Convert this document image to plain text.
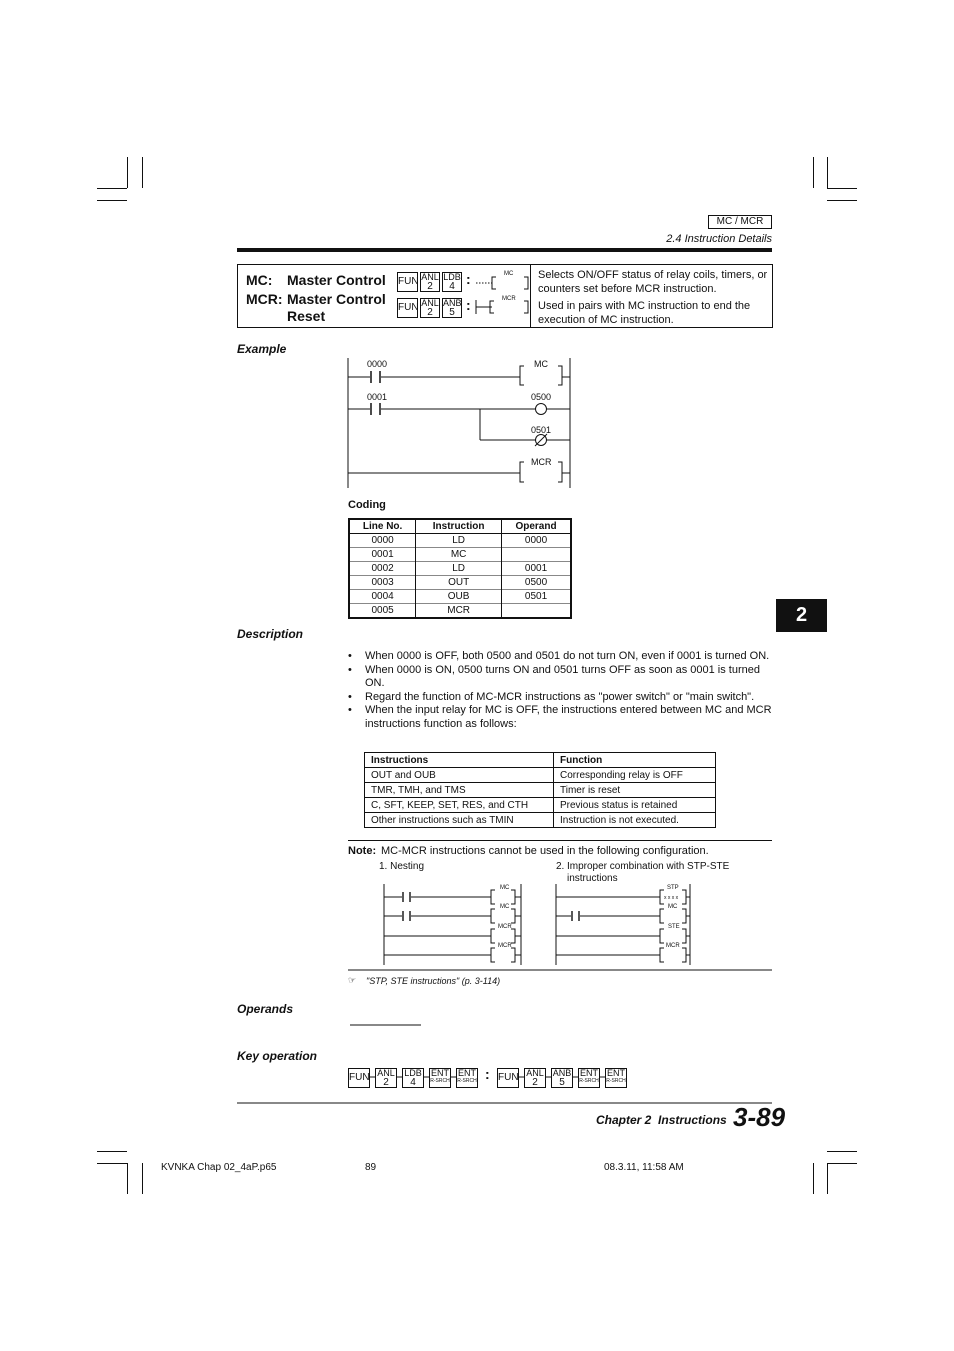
MC / MCR
2.4 Instruction Details
MC: Master Control
MCR: Master Control
Reset
FUN ANL
2
LDB
4 :
FUN ANL
2
ANB
5 :
MC
MCR
Selects ON/OFF status of relay coils, timers, or counters set before MCR instruction.
Used in pairs with MC instruction to end the execution of MC instruction.
Example
0000
0001	0500
0501
MC
MCR
Coding
Line No.	Instruction	Operand
0000	LD	0000
0001	MC	
0002	LD	0001
0003	OUT	0500
0004	OUB	0501
0005	MCR		2
Description
• When 0000 is OFF, both 0500 and 0501 do not turn ON, even if 0001 is turned ON.
• When 0000 is ON, 0500 turns ON and 0501 turns OFF as soon as 0001 is turned ON.
• Regard the function of MC-MCR instructions as "power switch" or "main switch".
• When the input relay for MC is OFF, the instructions entered between MC and MCR instructions function as follows:
Instructions	Function
OUT and OUB	Corresponding relay is OFF
TMR, TMH, and TMS	Timer is reset
C, SFT, KEEP, SET, RES, and CTH	Previous status is retained
Other instructions such as TMIN	Instruction is not executed.
Note: MC-MCR instructions cannot be used in the following configuration.
1. Nesting	2. Improper combination with STP-STE
instructions
MC
MC
MCR
MCR
STP
x x x x
MC
STE
MCR
☞ "STP, STE instructions" (p. 3-114)
Operands
Key operation
FUN ANL
2
LDB
4
ENT
R-SRCH
ENT
R-SRCH : FUN ANL
2
ANB
5
ENT
R-SRCH
ENT
R-SRCH
Chapter 2 Instructions 3-89
KVNKA Chap 02_4aP.p65	89	08.3.11, 11:58 AM
